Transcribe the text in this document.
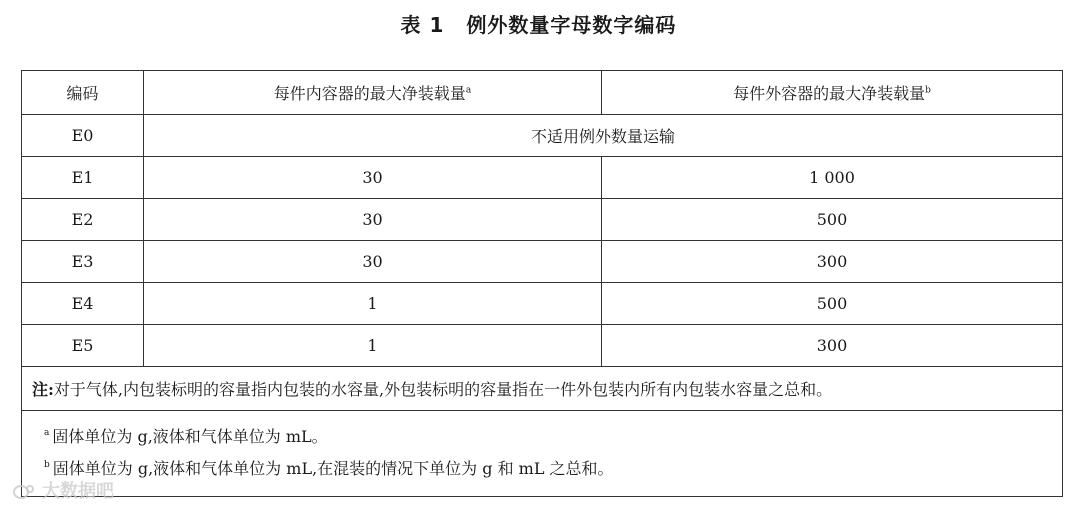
表 1 例外数量字母数字编码
编码	每件内容器的最大净装载量$^a$	每件外容器的最大净装载量$^b$
E0	不适用例外数量运输	
E1	30	1 000
E2	30	500
E3	30	300
E4	1	500
E5	1	300
注:对于气体,内包装标明的容量指内包装的水容量,外包装标明的容量指在一件外包装内所有内包装水容量之总和。		

$^a$ 固体单位为 g,液体和气体单位为 mL。
$^b$ 固体单位为 g,液体和气体单位为 mL,在混装的情况下单位为 g 和 mL 之总和。		
大数据吧
